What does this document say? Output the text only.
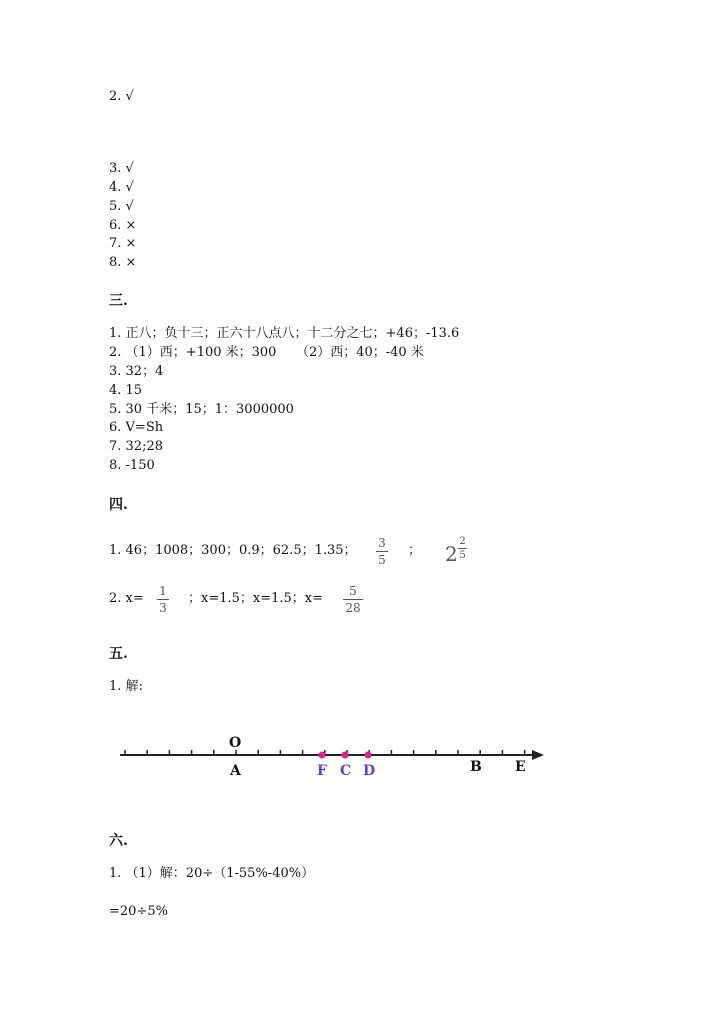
2. √
3. √
4. √
5. √
6. ×
7. ×
8. ×
三.
1. 正八；负十三；正六十八点八；十二分之七；+46；-13.6
2. （1）西；+100 米；300　　（2）西；40；-40 米
3. 32；4
4. 15
5. 30 千米；15；1：3000000
6. V=Sh
7. 32;28
8. -150
四.
1. 46；1008；300；0.9；62.5；1.35； 3
5
； 2
2
5
2. x= 1
3
；x=1.5；x=1.5；x=	5
28
五.
1. 解:
O
A	F C D	B E
六.
1. （1）解：20÷（1-55%-40%）
=20÷5%
